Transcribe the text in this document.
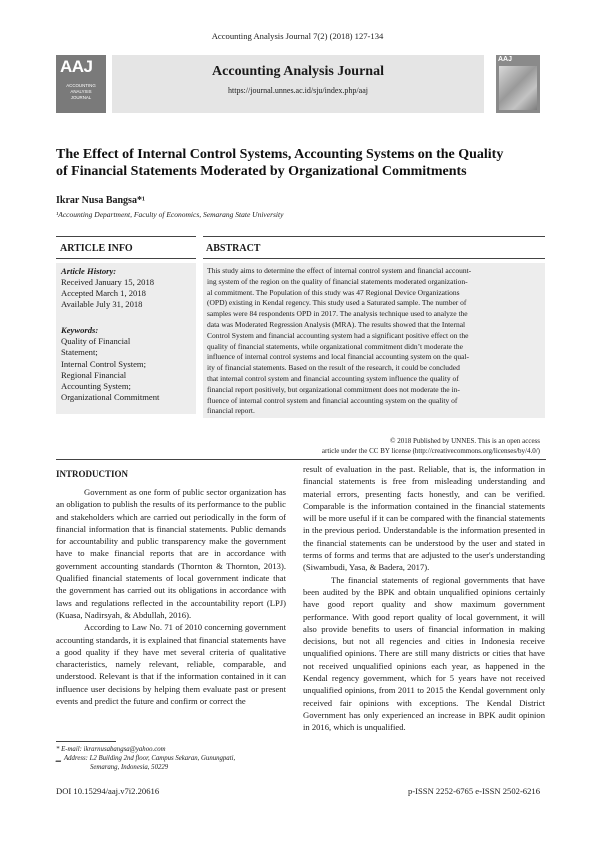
Accounting Analysis Journal 7(2) (2018) 127-134
AAJ
ACCOUNTING
ANALYSIS
JOURNAL
Accounting Analysis Journal
https://journal.unnes.ac.id/sju/index.php/aaj
AAJ
The Effect of Internal Control Systems, Accounting Systems on the Quality
of Financial Statements Moderated by Organizational Commitments
Ikrar Nusa Bangsa*¹
¹Accounting Department, Faculty of Economics, Semarang State University
ARTICLE INFO	ABSTRACT
Article History:
Received January 15, 2018
Accepted March 1, 2018
Available July 31, 2018
Keywords:
Quality of Financial
Statement;
Internal Control System;
Regional Financial
Accounting System;
Organizational Commitment
This study aims to determine the effect of internal control system and financial account-
ing system of the region on the quality of financial statements moderated organization-
al commitment. The Population of this study was 47 Regional Device Organizations
(OPD) existing in Kendal regency. This study used a Saturated sample. The number of
samples were 84 respondents OPD in 2017. The analysis technique used to analyze the
data was Moderated Regression Analysis (MRA). The results showed that the Internal
Control System and financial accounting system had a significant positive effect on the
quality of financial statements, while organizational commitment didn’t moderate the
influence of internal control systems and local financial accounting system on the qual-
ity of financial statements. Based on the result of the research, it could be concluded
that internal control system and financial accounting system influence the quality of
financial report positively, but organizational commitment does not moderate the in-
fluence of internal control system and financial accounting system on the quality of
financial report.
© 2018 Published by UNNES. This is an open access
article under the CC BY license (http://creativecommons.org/licenses/by/4.0/)
INTRODUCTION

Government as one form of public sector organization has an obligation to publish the results of its performance to the public and stakeholders which are carried out periodically in the form of financial information that is financial statements. Public demands for accountability and public transparency make the government have to make financial reports that are in accordance with government accounting standards (Thornton & Thornton, 2013). Qualified financial statements of local government indicate that the government has carried out its obligations in accordance with laws and regulations reflected in the accountability report (LPJ) (Kuasa, Nadirsyah, & Abdullah, 2016).

According to Law No. 71 of 2010 concerning government accounting standards, it is explained that financial statements have a good quality if they have met several criteria of qualitative characteristics, namely relevant, reliable, comparable, and understood. Relevant is that if the information contained in it can influence user decisions by helping them evaluate past or present events and predict the future and confirm or correct the

result of evaluation in the past. Reliable, that is, the information in financial statements is free from misleading understanding and material errors, presenting facts honestly, and can be verified. Comparable is the information contained in the financial statements will be more useful if it can be compared with the financial statements in the previous period. Understandable is the information presented in the financial statements can be understood by the user and stated in terms of forms and terms that are adjusted to the user's understanding (Siwambudi, Yasa, & Badera, 2017).

The financial statements of regional governments that have been audited by the BPK and obtain unqualified opinions certainly have good report quality and show maximum government performance. With good report quality of local government, it will also provide benefits to users of financial information in making decisions, but not all regencies and cities in Indonesia receive unqualified opinions. There are still many districts or cities that have not received unqualified opinions each year, as happened in the Kendal regency government, which for 5 years have not received unqualified opinions, from 2011 to 2015 the Kendal government only received fair opinions with exceptions. The Kendal District Government has only experienced an increase in BPK audit opinion in 2016, which is unqualified.

* E-mail: ikrarnusabangsa@yahoo.com
▁ Address: L2 Building 2nd floor, Campus Sekaran, Gunungpati,
Semarang, Indonesia, 50229
DOI 10.15294/aaj.v7i2.20616	p-ISSN 2252-6765 e-ISSN 2502-6216
